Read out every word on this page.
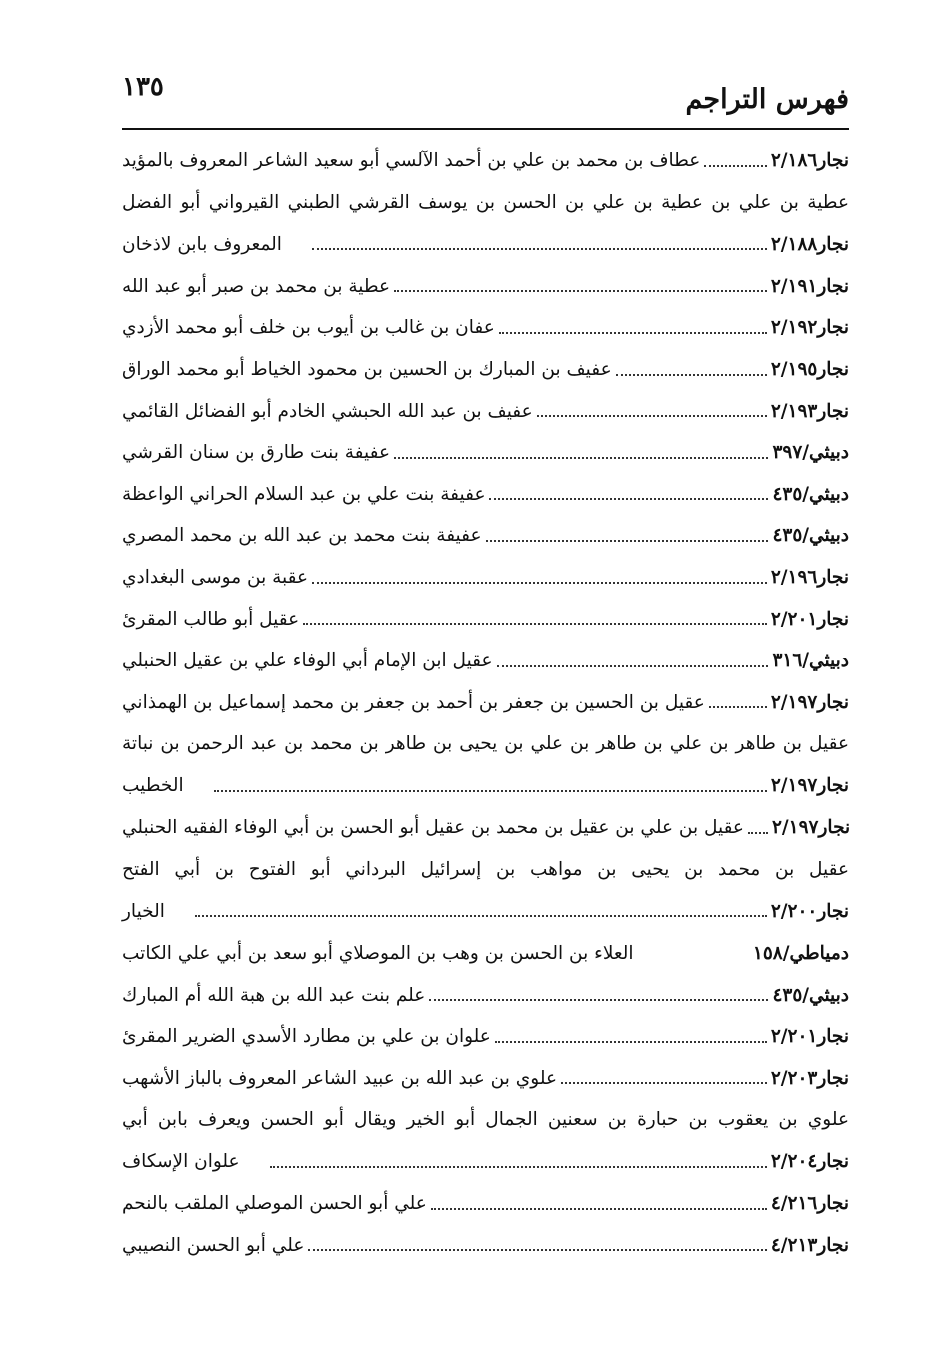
١٣٥	فهرس التراجم
عطاف بن محمد بن علي بن أحمد الآلسي أبو سعيد الشاعر المعروف بالمؤيد	نجار٢/١٨٦
عطية بن علي بن عطية بن علي بن الحسن بن يوسف القرشي الطبني القيرواني أبو الفضل
المعروف بابن لاذخان	نجار٢/١٨٨
عطية بن محمد بن صبر أبو عبد الله	نجار٢/١٩١
عفان بن غالب بن أيوب بن خلف أبو محمد الأزدي	نجار٢/١٩٢
عفيف بن المبارك بن الحسين بن محمود الخياط أبو محمد الوراق	نجار٢/١٩٥
عفيف بن عبد الله الحبشي الخادم أبو الفضائل القائمي	نجار٢/١٩٣
عفيفة بنت طارق بن سنان القرشي	دبيثي/٣٩٧
عفيفة بنت علي بن عبد السلام الحراني الواعظة	دبيثي/٤٣٥
عفيفة بنت محمد بن عبد الله بن محمد المصري	دبيثي/٤٣٥
عقبة بن موسى البغدادي	نجار٢/١٩٦
عقيل أبو طالب المقرئ	نجار٢/٢٠١
عقيل ابن الإمام أبي الوفاء علي بن عقيل الحنبلي	دبيثي/٣١٦
عقيل بن الحسين بن جعفر بن أحمد بن جعفر بن محمد إسماعيل بن الهمذاني	نجار٢/١٩٧
عقيل بن طاهر بن علي بن طاهر بن علي بن يحيى بن طاهر بن محمد بن عبد الرحمن بن نباتة
الخطيب	نجار٢/١٩٧
عقيل بن علي بن عقيل بن محمد بن عقيل أبو الحسن بن أبي الوفاء الفقيه الحنبلي نجار٢/١٩٧
عقيل بن محمد بن يحيى بن مواهب بن إسرائيل البرداني أبو الفتوح بن أبي الفتح
الخيار	نجار٢/٢٠٠
العلاء بن الحسن بن وهب بن الموصلاي أبو سعد بن أبي علي الكاتب	دمياطي/١٥٨
علم بنت عبد الله بن هبة الله أم المبارك	دبيثي/٤٣٥
علوان بن علي بن مطارد الأسدي الضرير المقرئ	نجار٢/٢٠١
علوي بن عبد الله بن عبيد الشاعر المعروف بالباز الأشهب	نجار٢/٢٠٣
علوي بن يعقوب بن حبارة بن سعنين الجمال أبو الخير ويقال أبو الحسن ويعرف بابن أبي
علوان الإسكاف	نجار٢/٢٠٤
علي أبو الحسن الموصلي الملقب بالنحم	نجار٤/٢١٦
علي أبو الحسن النصيبي	نجار٤/٢١٣
